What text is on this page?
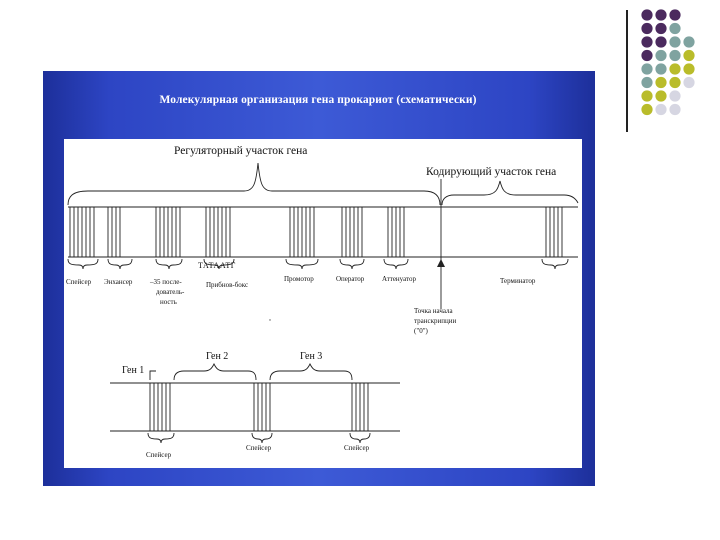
Молекулярная организация гена прокариот (схематически)
Регуляторный участок гена
Кодирующий участок гена
Спейсер Энхансер	–35 после-
дователь-
ность
ТАТААТГ
Прибнов-бокс
Промотор	Оператор	Аттенуатор	Терминатор
Точка начала
транскрипции
("0")
Ген 1
Ген 2	Ген 3
Спейсер
Спейсер	Спейсер
